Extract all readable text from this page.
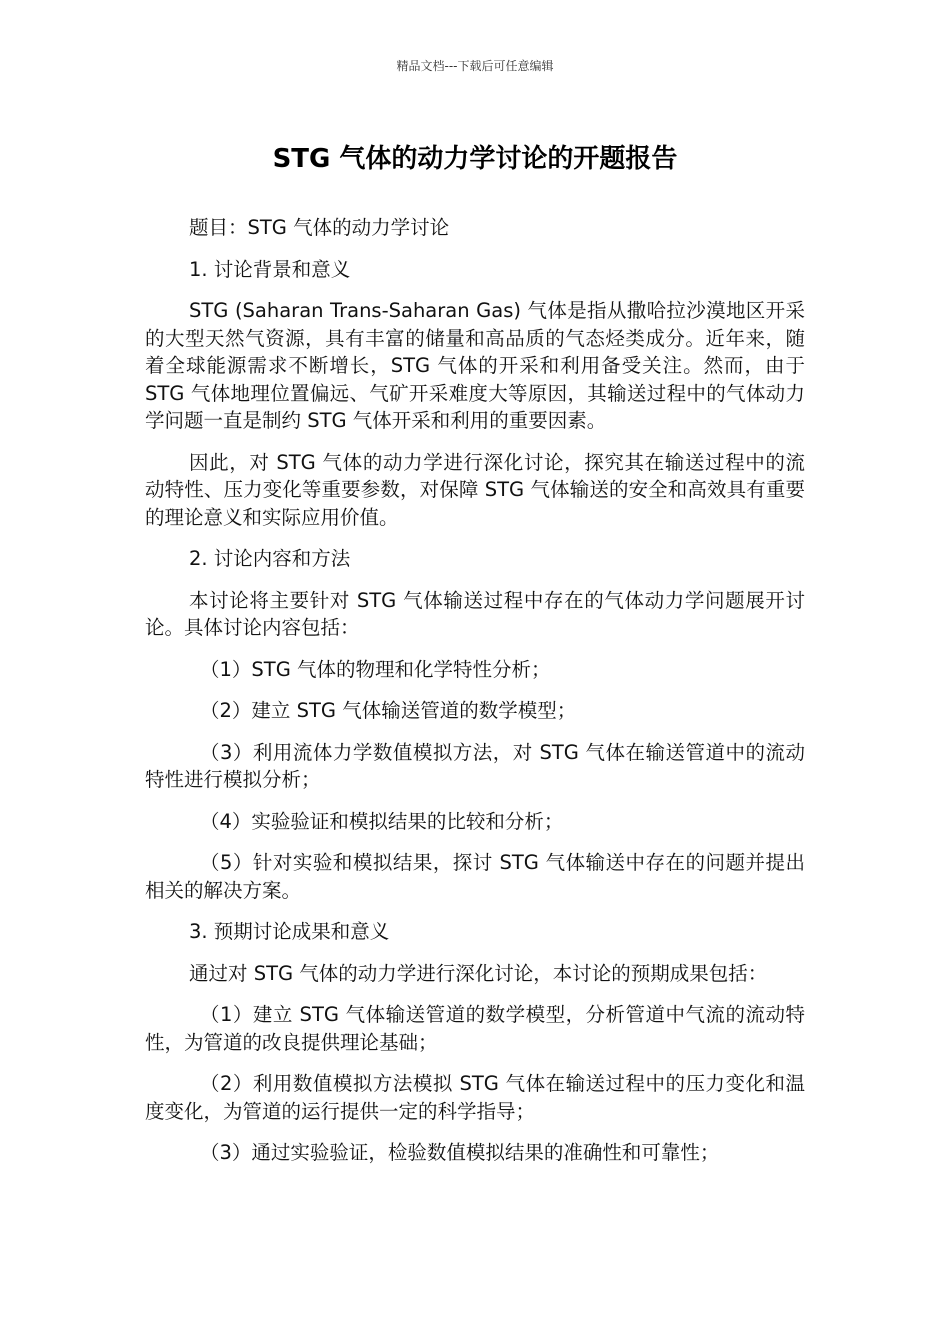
精品文档---下载后可任意编辑
STG 气体的动力学讨论的开题报告

题目：STG 气体的动力学讨论

1. 讨论背景和意义

STG (Saharan Trans-Saharan Gas) 气体是指从撒哈拉沙漠地区开采的大型天然气资源，具有丰富的储量和高品质的气态烃类成分。近年来，随着全球能源需求不断增长，STG 气体的开采和利用备受关注。然而，由于 STG 气体地理位置偏远、气矿开采难度大等原因，其输送过程中的气体动力学问题一直是制约 STG 气体开采和利用的重要因素。

因此，对 STG 气体的动力学进行深化讨论，探究其在输送过程中的流动特性、压力变化等重要参数，对保障 STG 气体输送的安全和高效具有重要的理论意义和实际应用价值。

2. 讨论内容和方法

本讨论将主要针对 STG 气体输送过程中存在的气体动力学问题展开讨论。具体讨论内容包括：

（1）STG 气体的物理和化学特性分析；

（2）建立 STG 气体输送管道的数学模型；

（3）利用流体力学数值模拟方法，对 STG 气体在输送管道中的流动特性进行模拟分析；

（4）实验验证和模拟结果的比较和分析；

（5）针对实验和模拟结果，探讨 STG 气体输送中存在的问题并提出相关的解决方案。

3. 预期讨论成果和意义

通过对 STG 气体的动力学进行深化讨论，本讨论的预期成果包括：

（1）建立 STG 气体输送管道的数学模型，分析管道中气流的流动特性，为管道的改良提供理论基础；

（2）利用数值模拟方法模拟 STG 气体在输送过程中的压力变化和温度变化，为管道的运行提供一定的科学指导；

（3）通过实验验证，检验数值模拟结果的准确性和可靠性；
